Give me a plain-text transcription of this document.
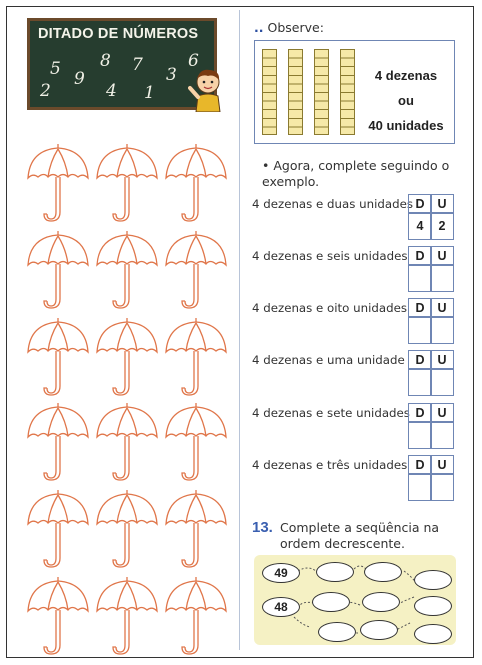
DITADO DE NÚMEROS
5 9
8 7 3
6
2	4 1
.. Observe:
4 dezenas
ou
40 unidades
• Agora, complete seguindo o exemplo.
4 dezenas e duas unidades D	U
4	2
4 dezenas e seis unidades D	U
4 dezenas e oito unidades D	U
4 dezenas e uma unidade D	U
4 dezenas e sete unidades D	U
4 dezenas e três unidades D	U
13. Complete a seqüência na ordem decrescente.
49
48
